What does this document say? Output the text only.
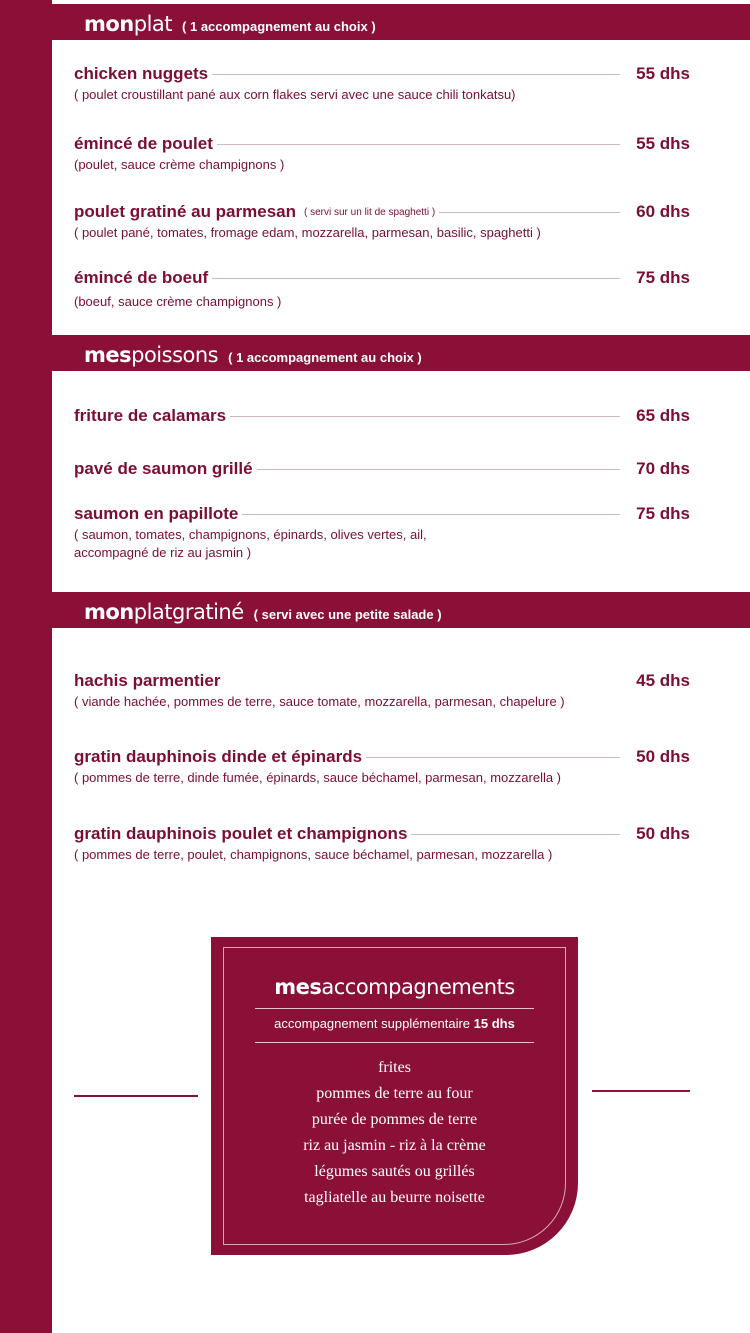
monplat ( 1 accompagnement au choix )
chicken nuggets	55 dhs
( poulet croustillant pané aux corn flakes servi avec une sauce chili tonkatsu)
émincé de poulet	55 dhs
(poulet, sauce crème champignons )
poulet gratiné au parmesan ( servi sur un lit de spaghetti )	60 dhs
( poulet pané, tomates, fromage edam, mozzarella, parmesan, basilic, spaghetti )
émincé de boeuf	75 dhs
(boeuf, sauce crème champignons )
mespoissons ( 1 accompagnement au choix )
friture de calamars	65 dhs
pavé de saumon grillé	70 dhs
saumon en papillote	75 dhs
( saumon, tomates, champignons, épinards, olives vertes, ail,
accompagné de riz au jasmin )
monplatgratiné ( servi avec une petite salade )
hachis parmentier	45 dhs
( viande hachée, pommes de terre, sauce tomate, mozzarella, parmesan, chapelure )
gratin dauphinois dinde et épinards	50 dhs
( pommes de terre, dinde fumée, épinards, sauce béchamel, parmesan, mozzarella )
gratin dauphinois poulet et champignons	50 dhs
( pommes de terre, poulet, champignons, sauce béchamel, parmesan, mozzarella )
mesaccompagnements
accompagnement supplémentaire 15 dhs
frites
pommes de terre au four
purée de pommes de terre
riz au jasmin - riz à la crème
légumes sautés ou grillés
tagliatelle au beurre noisette
